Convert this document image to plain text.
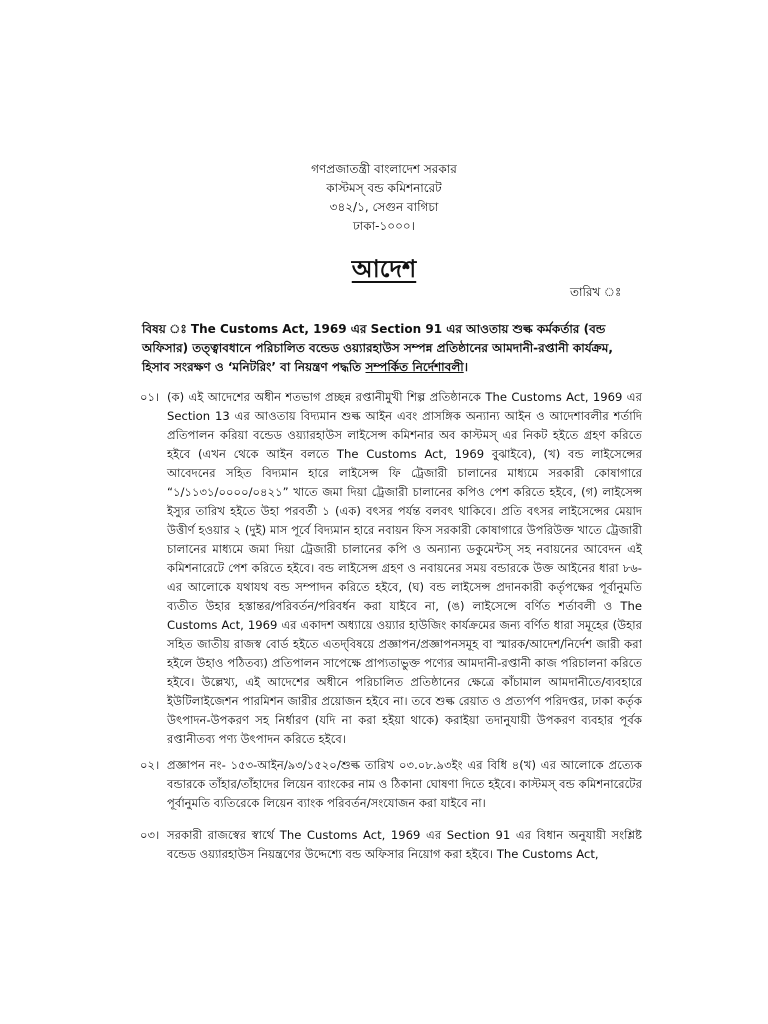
গণপ্রজাতন্ত্রী বাংলাদেশ সরকার
কাস্টমস্ বন্ড কমিশনারেট
৩৪২/১, সেগুন বাগিচা
ঢাকা-১০০০।
আদেশ
তারিখ ঃ
বিষয় ঃ The Customs Act, 1969 এর Section 91 এর আওতায় শুল্ক কর্মকর্তার (বন্ড অফিসার) তত্ত্বাবধানে পরিচালিত বন্ডেড ওয়্যারহাউস সম্পন্ন প্রতিষ্ঠানের আমদানী-রপ্তানী কার্যক্রম, হিসাব সংরক্ষণ ও ‘মনিটরিং’ বা নিয়ন্ত্রণ পদ্ধতি সম্পর্কিত নির্দেশাবলী।
০১। (ক) এই আদেশের অধীন শতভাগ প্রচ্ছন্ন রপ্তানীমুখী শিল্প প্রতিষ্ঠানকে The Customs Act, 1969 এর Section 13 এর আওতায় বিদ্যমান শুল্ক আইন এবং প্রাসঙ্গিক অন্যান্য আইন ও আদেশাবলীর শর্তাদি প্রতিপালন করিয়া বন্ডেড ওয়্যারহাউস লাইসেন্স কমিশনার অব কাস্টমস্ এর নিকট হইতে গ্রহণ করিতে হইবে (এখন থেকে আইন বলতে The Customs Act, 1969 বুঝাইবে), (খ) বন্ড লাইসেন্সের আবেদনের সহিত বিদ্যমান হারে লাইসেন্স ফি ট্রেজারী চালানের মাধ্যমে সরকারী কোষাগারে “১/১১৩১/০০০০/০৪২১” খাতে জমা দিয়া ট্রেজারী চালানের কপিও পেশ করিতে হইবে, (গ) লাইসেন্স ইস্যুর তারিখ হইতে উহা পরবর্তী ১ (এক) বৎসর পর্যন্ত বলবৎ থাকিবে। প্রতি বৎসর লাইসেন্সের মেয়াদ উত্তীর্ণ হওয়ার ২ (দুই) মাস পূর্বে বিদ্যমান হারে নবায়ন ফিস সরকারী কোষাগারে উপরিউক্ত খাতে ট্রেজারী চালানের মাধ্যমে জমা দিয়া ট্রেজারী চালানের কপি ও অন্যান্য ডকুমেন্টস্ সহ নবায়নের আবেদন এই কমিশনারেটে পেশ করিতে হইবে। বন্ড লাইসেন্স গ্রহণ ও নবায়নের সময় বন্ডারকে উক্ত আইনের ধারা ৮৬-এর আলোকে যথাযথ বন্ড সম্পাদন করিতে হইবে, (ঘ) বন্ড লাইসেন্স প্রদানকারী কর্তৃপক্ষের পূর্বানুমতি ব্যতীত উহার হস্তান্তর/পরিবর্তন/পরিবর্ধন করা যাইবে না, (ঙ) লাইসেন্সে বর্ণিত শর্তাবলী ও The Customs Act, 1969 এর একাদশ অধ্যায়ে ওয়্যার হাউজিং কার্যক্রমের জন্য বর্ণিত ধারা সমূহের (উহার সহিত জাতীয় রাজস্ব বোর্ড হইতে এতদ্‌বিষয়ে প্রজ্ঞাপন/প্রজ্ঞাপনসমূহ বা স্মারক/আদেশ/নির্দেশ জারী করা হইলে উহাও পঠিতব্য) প্রতিপালন সাপেক্ষে প্রাপ্যতাভুক্ত পণ্যের আমদানী-রপ্তানী কাজ পরিচালনা করিতে হইবে। উল্লেখ্য, এই আদেশের অধীনে পরিচালিত প্রতিষ্ঠানের ক্ষেত্রে কাঁচামাল আমদানীতে/ব্যবহারে ইউটিলাইজেশন পারমিশন জারীর প্রয়োজন হইবে না। তবে শুল্ক রেয়াত ও প্রত্যর্পণ পরিদপ্তর, ঢাকা কর্তৃক উৎপাদন-উপকরণ সহ নির্ধারণ (যদি না করা হইয়া থাকে) করাইয়া তদানুযায়ী উপকরণ ব্যবহার পূর্বক রপ্তানীতব্য পণ্য উৎপাদন করিতে হইবে।
০২। প্রজ্ঞাপন নং- ১৫৩-আইন/৯৩/১৫২০/শুল্ক তারিখ ০৩.০৮.৯৩ইং এর বিধি ৪(খ) এর আলোকে প্রত্যেক বন্ডারকে তাঁহার/তাঁহাদের লিয়েন ব্যাংকের নাম ও ঠিকানা ঘোষণা দিতে হইবে। কাস্টমস্ বন্ড কমিশনারেটের পূর্বানুমতি ব্যতিরেকে লিয়েন ব্যাংক পরিবর্তন/সংযোজন করা যাইবে না।
০৩। সরকারী রাজস্বের স্বার্থে The Customs Act, 1969 এর Section 91 এর বিধান অনুযায়ী সংশ্লিষ্ট বন্ডেড ওয়্যারহাউস নিয়ন্ত্রণের উদ্দেশ্যে বন্ড অফিসার নিয়োগ করা হইবে। The Customs Act,
